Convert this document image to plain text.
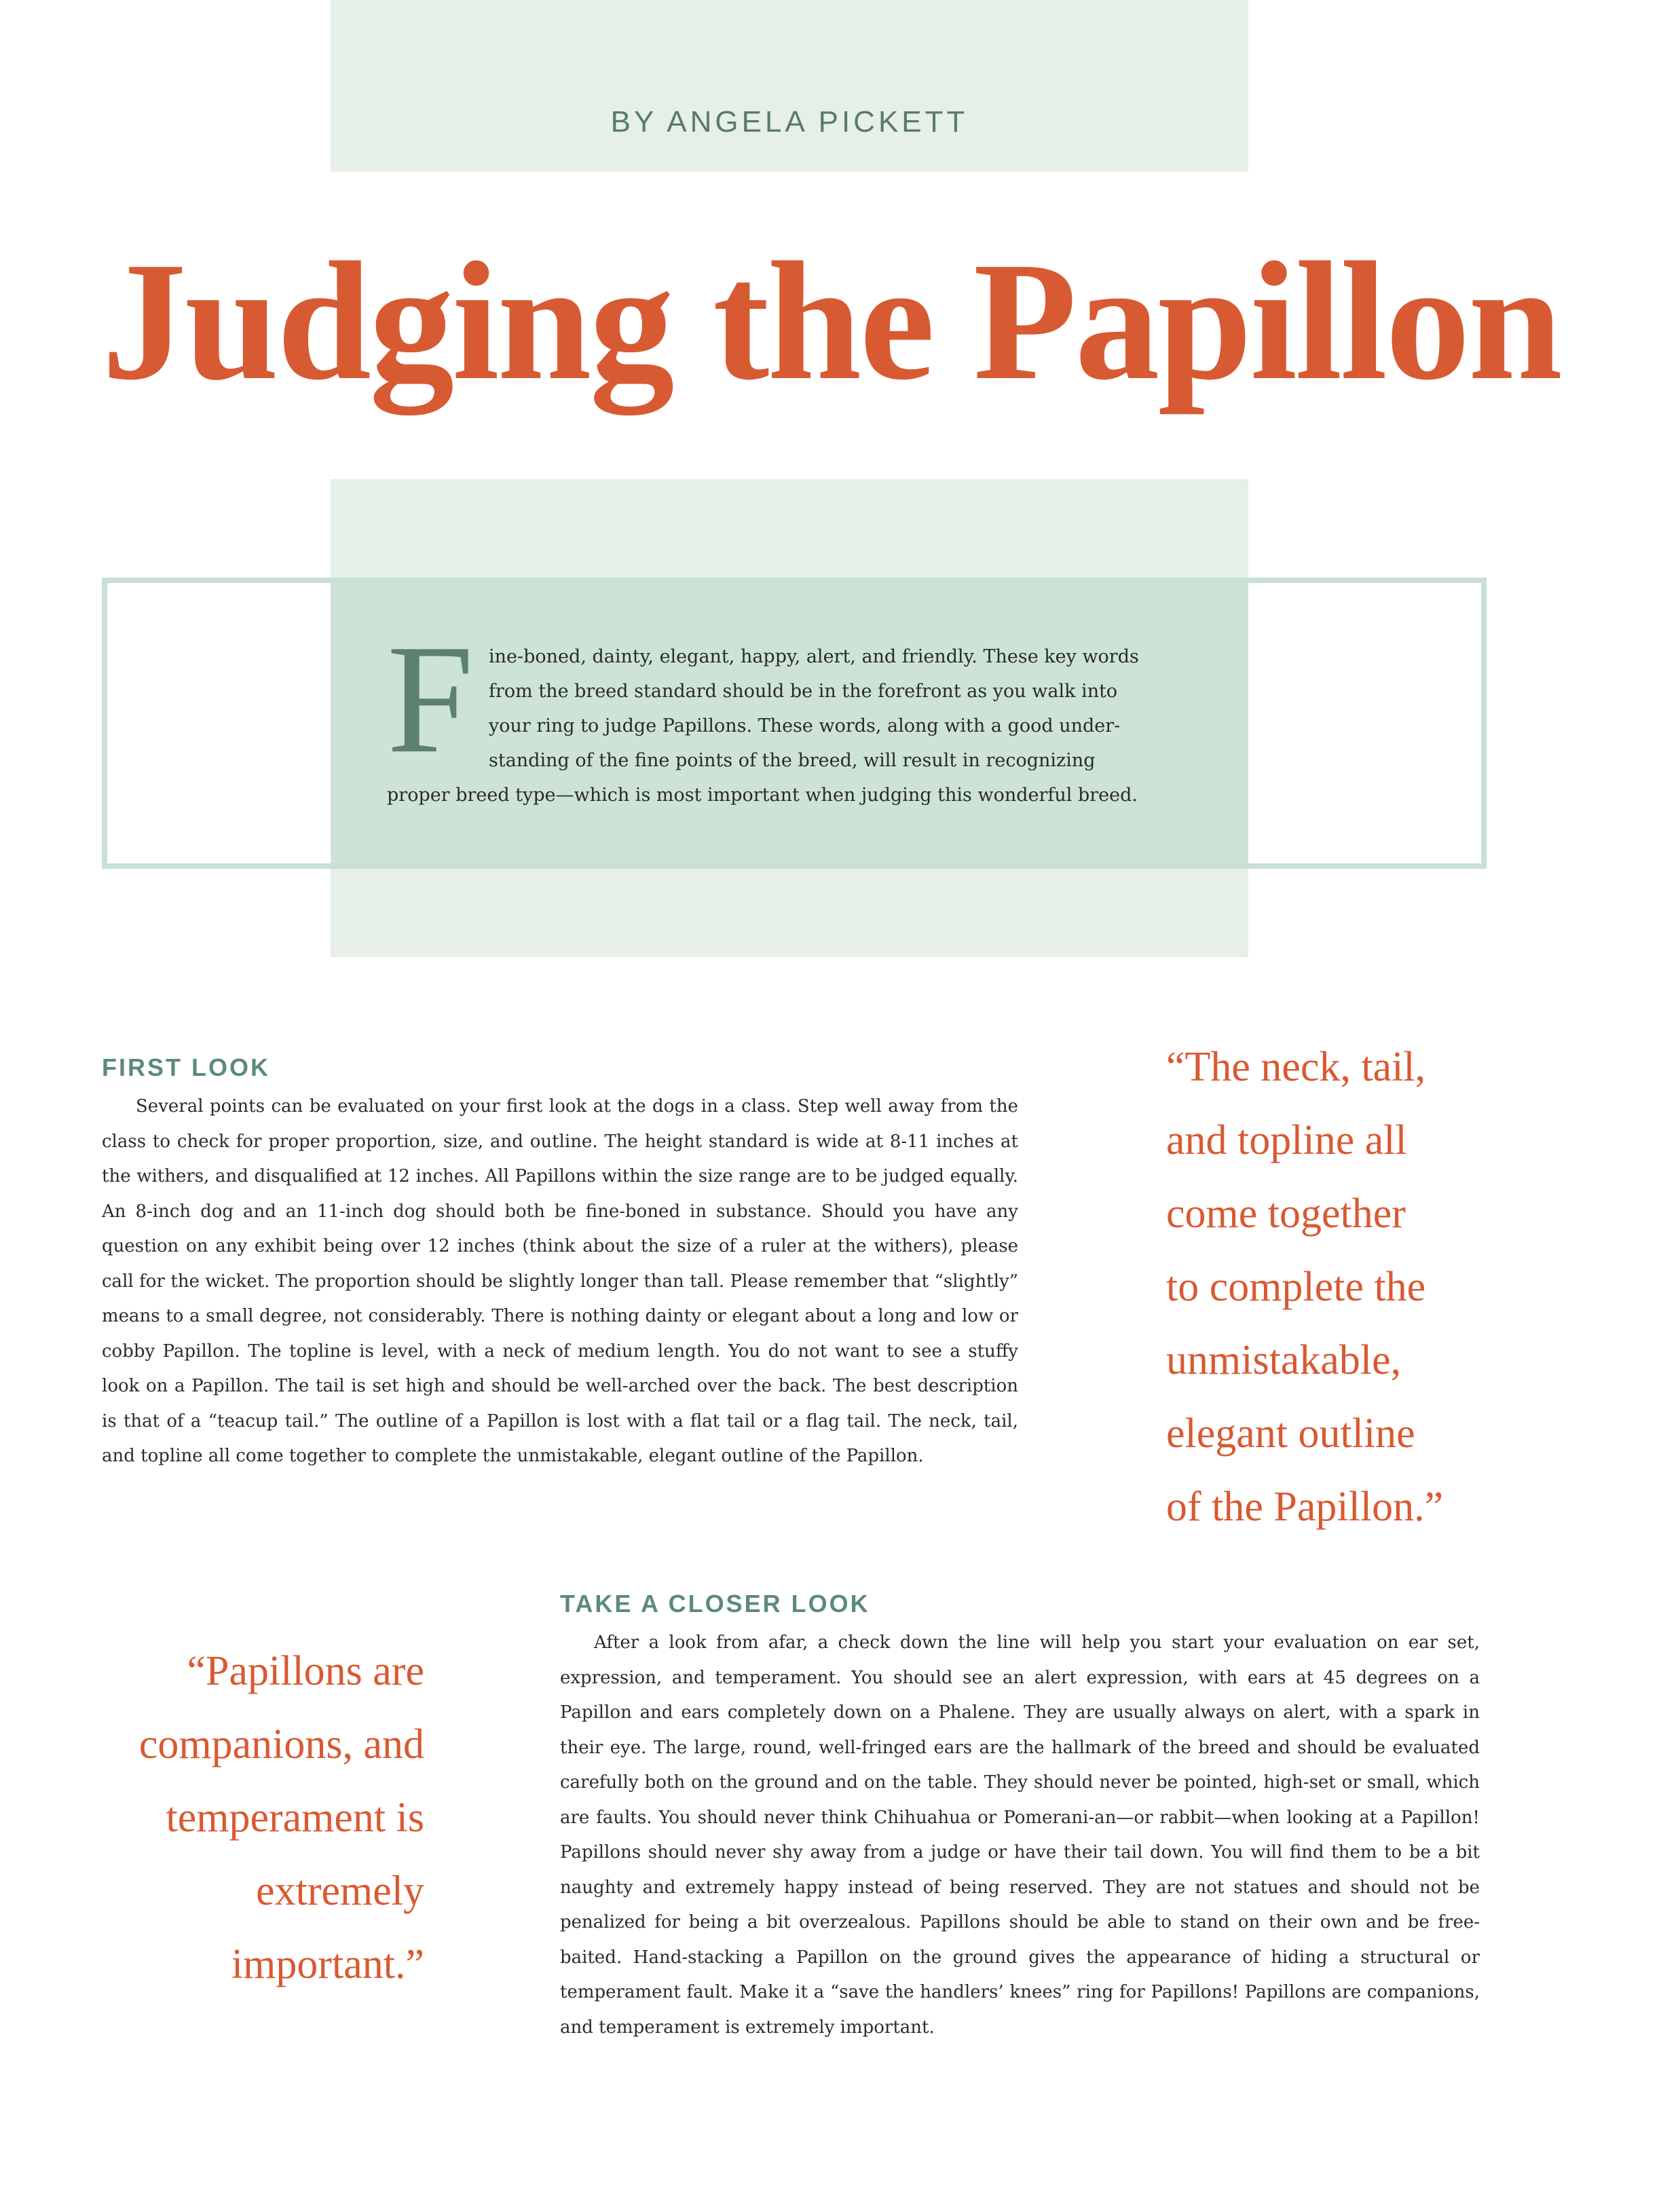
BY ANGELA PICKETT
Judging the Papillon
F ine-boned, dainty, elegant, happy, alert, and friendly. These key words
from the breed standard should be in the forefront as you walk into
your ring to judge Papillons. These words, along with a good under-
standing of the fine points of the breed, will result in recognizing
proper breed type—which is most important when judging this wonderful breed.
FIRST LOOK

Several points can be evaluated on your first look at the dogs in a class. Step well away from the class to check for proper proportion, size, and outline. The height standard is wide at 8-11 inches at the withers, and disqualified at 12 inches. All Papillons within the size range are to be judged equally. An 8-inch dog and an 11-inch dog should both be fine-boned in substance. Should you have any question on any exhibit being over 12 inches (think about the size of a ruler at the withers), please call for the wicket. The proportion should be slightly longer than tall. Please remember that “slightly” means to a small degree, not considerably. There is nothing dainty or elegant about a long and low or cobby Papillon. The topline is level, with a neck of medium length. You do not want to see a stuffy look on a Papillon. The tail is set high and should be well-arched over the back. The best description is that of a “teacup tail.” The outline of a Papillon is lost with a flat tail or a flag tail. The neck, tail, and topline all come together to complete the unmistakable, elegant outline of the Papillon.

“The neck, tail,
and topline all
come together
to complete the
unmistakable,
elegant outline
of the Papillon.”
TAKE A CLOSER LOOK

After a look from afar, a check down the line will help you start your evaluation on ear set, expression, and temperament. You should see an alert expression, with ears at 45 degrees on a Papillon and ears completely down on a Phalene. They are usually always on alert, with a spark in their eye. The large, round, well-fringed ears are the hallmark of the breed and should be evaluated carefully both on the ground and on the table. They should never be pointed, high-set or small, which are faults. You should never think Chihuahua or Pomerani-an—or rabbit—when looking at a Papillon! Papillons should never shy away from a judge or have their tail down. You will find them to be a bit naughty and extremely happy instead of being reserved. They are not statues and should not be penalized for being a bit overzealous. Papillons should be able to stand on their own and be free-baited. Hand-stacking a Papillon on the ground gives the appearance of hiding a structural or temperament fault. Make it a “save the handlers’ knees” ring for Papillons! Papillons are companions, and temperament is extremely important.

“Papillons are
companions, and
temperament is
extremely
important.”
